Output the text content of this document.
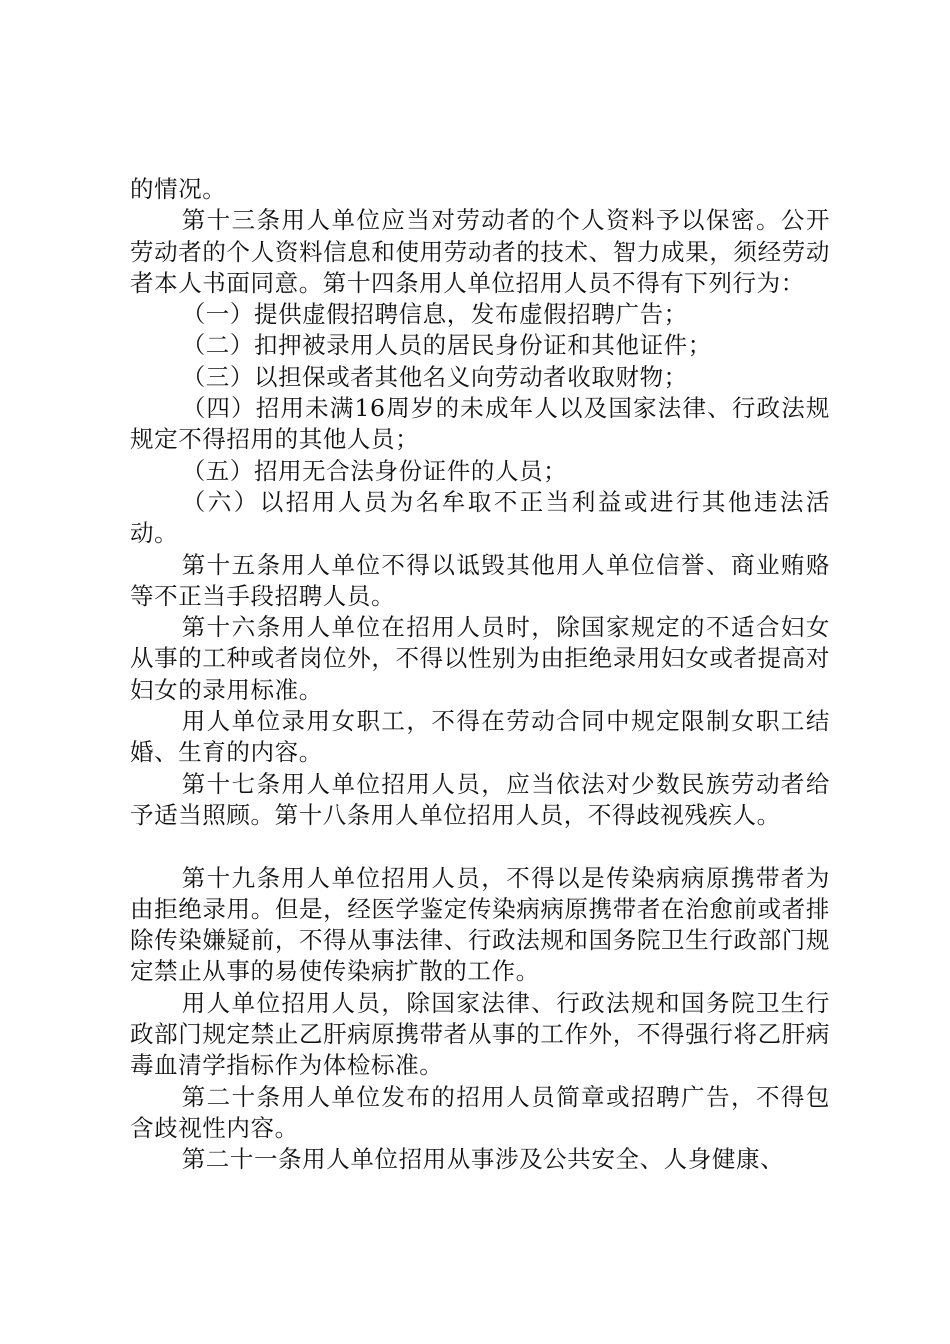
的情况。

第十三条用人单位应当对劳动者的个人资料予以保密。公开劳动者的个人资料信息和使用劳动者的技术、智力成果，须经劳动者本人书面同意。第十四条用人单位招用人员不得有下列行为：

（一）提供虚假招聘信息，发布虚假招聘广告；

（二）扣押被录用人员的居民身份证和其他证件；

（三）以担保或者其他名义向劳动者收取财物；

（四）招用未满16周岁的未成年人以及国家法律、行政法规规定不得招用的其他人员；

（五）招用无合法身份证件的人员；

（六）以招用人员为名牟取不正当利益或进行其他违法活动。

第十五条用人单位不得以诋毁其他用人单位信誉、商业贿赂等不正当手段招聘人员。

第十六条用人单位在招用人员时，除国家规定的不适合妇女从事的工种或者岗位外，不得以性别为由拒绝录用妇女或者提高对妇女的录用标准。

用人单位录用女职工，不得在劳动合同中规定限制女职工结婚、生育的内容。

第十七条用人单位招用人员，应当依法对少数民族劳动者给予适当照顾。第十八条用人单位招用人员，不得歧视残疾人。

第十九条用人单位招用人员，不得以是传染病病原携带者为由拒绝录用。但是，经医学鉴定传染病病原携带者在治愈前或者排除传染嫌疑前，不得从事法律、行政法规和国务院卫生行政部门规定禁止从事的易使传染病扩散的工作。

用人单位招用人员，除国家法律、行政法规和国务院卫生行政部门规定禁止乙肝病原携带者从事的工作外，不得强行将乙肝病毒血清学指标作为体检标准。

第二十条用人单位发布的招用人员简章或招聘广告，不得包含歧视性内容。

第二十一条用人单位招用从事涉及公共安全、人身健康、
